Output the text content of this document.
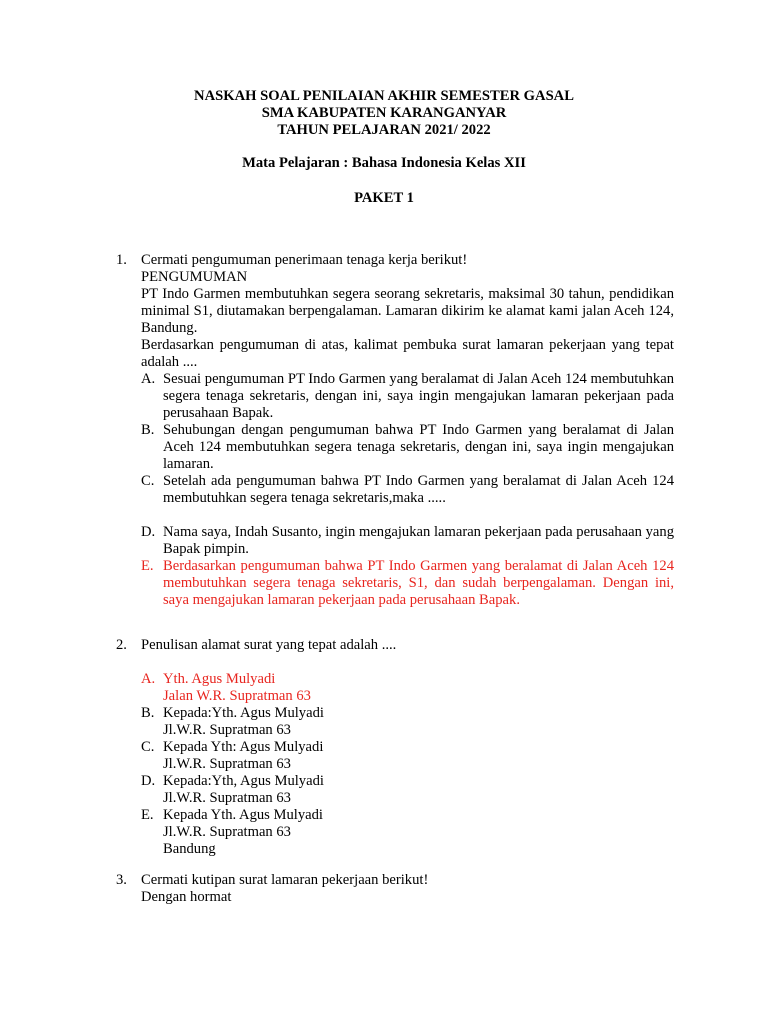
NASKAH SOAL PENILAIAN AKHIR SEMESTER GASAL
SMA KABUPATEN KARANGANYAR
TAHUN PELAJARAN 2021/ 2022
Mata Pelajaran : Bahasa Indonesia Kelas XII
PAKET 1
1. Cermati pengumuman penerimaan tenaga kerja berikut!
PENGUMUMAN
PT Indo Garmen membutuhkan segera seorang sekretaris, maksimal 30 tahun, pendidikan minimal S1, diutamakan berpengalaman. Lamaran dikirim ke alamat kami jalan Aceh 124, Bandung.
Berdasarkan pengumuman di atas, kalimat pembuka surat lamaran pekerjaan yang tepat adalah ....
A. Sesuai pengumuman PT Indo Garmen yang beralamat di Jalan Aceh 124 membutuhkan segera tenaga sekretaris, dengan ini, saya ingin mengajukan lamaran pekerjaan pada perusahaan Bapak.
B. Sehubungan dengan pengumuman bahwa PT Indo Garmen yang beralamat di Jalan Aceh 124 membutuhkan segera tenaga sekretaris, dengan ini, saya ingin mengajukan lamaran.
C. Setelah ada pengumuman bahwa PT Indo Garmen yang beralamat di Jalan Aceh 124 membutuhkan segera tenaga sekretaris,maka .....
D. Nama saya, Indah Susanto, ingin mengajukan lamaran pekerjaan pada perusahaan yang Bapak pimpin.
E. Berdasarkan pengumuman bahwa PT Indo Garmen yang beralamat di Jalan Aceh 124 membutuhkan segera tenaga sekretaris, S1, dan sudah berpengalaman. Dengan ini, saya mengajukan lamaran pekerjaan pada perusahaan Bapak.
2. Penulisan alamat surat yang tepat adalah ....
A. Yth. Agus Mulyadi
Jalan W.R. Supratman 63
B. Kepada:Yth. Agus Mulyadi
Jl.W.R. Supratman 63
C. Kepada Yth: Agus Mulyadi
Jl.W.R. Supratman 63
D. Kepada:Yth, Agus Mulyadi
Jl.W.R. Supratman 63
E. Kepada Yth. Agus Mulyadi
Jl.W.R. Supratman 63
Bandung
3. Cermati kutipan surat lamaran pekerjaan berikut!
Dengan hormat
